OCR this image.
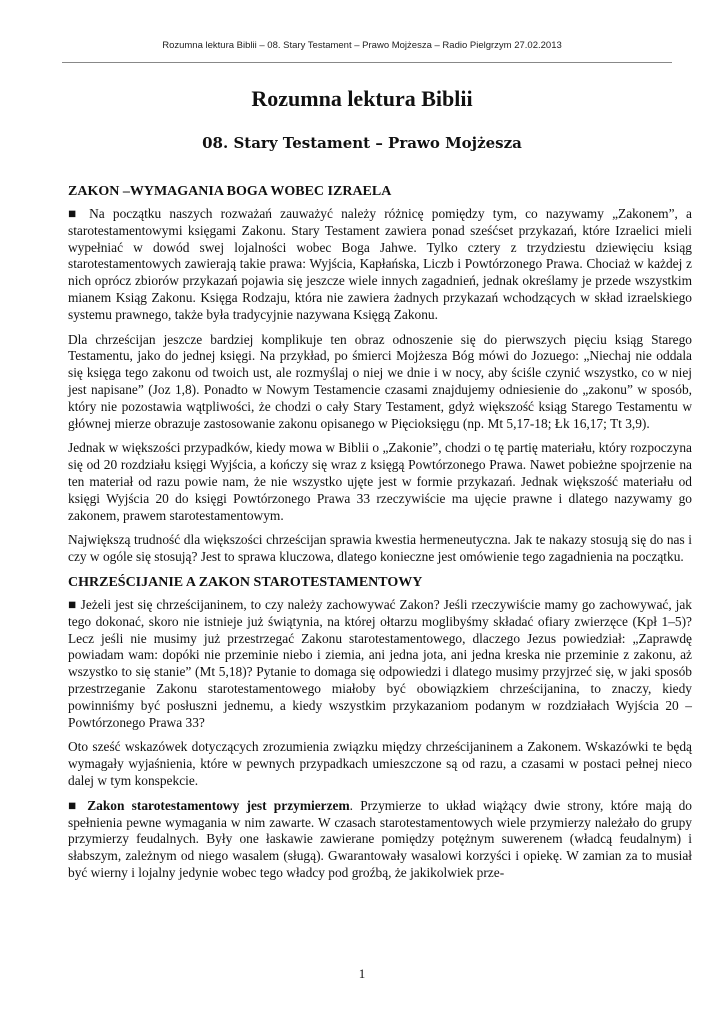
Rozumna lektura Biblii – 08. Stary Testament – Prawo Mojżesza – Radio Pielgrzym 27.02.2013
Rozumna lektura Biblii
08. Stary Testament – Prawo Mojżesza
ZAKON –WYMAGANIA BOGA WOBEC IZRAELA

■ Na początku naszych rozważań zauważyć należy różnicę pomiędzy tym, co nazywamy „Zakonem”, a starotestamentowymi księgami Zakonu. Stary Testament zawiera ponad sześćset przykazań, które Izraelici mieli wypełniać w dowód swej lojalności wobec Boga Jahwe. Tylko cztery z trzydziestu dziewięciu ksiąg starotestamentowych zawierają takie prawa: Wyjścia, Kapłańska, Liczb i Powtórzonego Prawa. Chociaż w każdej z nich oprócz zbiorów przykazań pojawia się jeszcze wiele innych zagadnień, jednak określamy je przede wszystkim mianem Ksiąg Zakonu. Księga Rodzaju, która nie zawiera żadnych przykazań wchodzących w skład izraelskiego systemu prawnego, także była tradycyjnie nazywana Księgą Zakonu.

Dla chrześcijan jeszcze bardziej komplikuje ten obraz odnoszenie się do pierwszych pięciu ksiąg Starego Testamentu, jako do jednej księgi. Na przykład, po śmierci Mojżesza Bóg mówi do Jozuego: „Niechaj nie oddala się księga tego zakonu od twoich ust, ale rozmyślaj o niej we dnie i w nocy, aby ściśle czynić wszystko, co w niej jest napisane” (Joz 1,8). Ponadto w Nowym Testamencie czasami znajdujemy odniesienie do „zakonu” w sposób, który nie pozostawia wątpliwości, że chodzi o cały Stary Testament, gdyż większość ksiąg Starego Testamentu w głównej mierze obrazuje zastosowanie zakonu opisanego w Pięcioksięgu (np. Mt 5,17-18; Łk 16,17; Tt 3,9).

Jednak w większości przypadków, kiedy mowa w Biblii o „Zakonie”, chodzi o tę partię materiału, który rozpoczyna się od 20 rozdziału księgi Wyjścia, a kończy się wraz z księgą Powtórzonego Prawa. Nawet pobieżne spojrzenie na ten materiał od razu powie nam, że nie wszystko ujęte jest w formie przykazań. Jednak większość materiału od księgi Wyjścia 20 do księgi Powtórzonego Prawa 33 rzeczywiście ma ujęcie prawne i dlatego nazywamy go zakonem, prawem starotestamentowym.

Największą trudność dla większości chrześcijan sprawia kwestia hermeneutyczna. Jak te nakazy stosują się do nas i czy w ogóle się stosują? Jest to sprawa kluczowa, dlatego konieczne jest omówienie tego zagadnienia na początku.

CHRZEŚCIJANIE A ZAKON STAROTESTAMENTOWY

■ Jeżeli jest się chrześcijaninem, to czy należy zachowywać Zakon? Jeśli rzeczywiście mamy go zachowywać, jak tego dokonać, skoro nie istnieje już świątynia, na której ołtarzu moglibyśmy składać ofiary zwierzęce (Kpł 1–5)? Lecz jeśli nie musimy już przestrzegać Zakonu starotestamentowego, dlaczego Jezus powiedział: „Zaprawdę powiadam wam: dopóki nie przeminie niebo i ziemia, ani jedna jota, ani jedna kreska nie przeminie z zakonu, aż wszystko to się stanie” (Mt 5,18)? Pytanie to domaga się odpowiedzi i dlatego musimy przyjrzeć się, w jaki sposób przestrzeganie Zakonu starotestamentowego miałoby być obowiązkiem chrześcijanina, to znaczy, kiedy powinniśmy być posłuszni jednemu, a kiedy wszystkim przykazaniom podanym w rozdziałach Wyjścia 20 – Powtórzonego Prawa 33?

Oto sześć wskazówek dotyczących zrozumienia związku między chrześcijaninem a Zakonem. Wskazówki te będą wymagały wyjaśnienia, które w pewnych przypadkach umieszczone są od razu, a czasami w postaci pełnej nieco dalej w tym konspekcie.

■ Zakon starotestamentowy jest przymierzem. Przymierze to układ wiążący dwie strony, które mają do spełnienia pewne wymagania w nim zawarte. W czasach starotestamentowych wiele przymierzy należało do grupy przymierzy feudalnych. Były one łaskawie zawierane pomiędzy potężnym suwerenem (władcą feudalnym) i słabszym, zależnym od niego wasalem (sługą). Gwarantowały wasalowi korzyści i opiekę. W zamian za to musiał być wierny i lojalny jedynie wobec tego władcy pod groźbą, że jakikolwiek prze-

1
